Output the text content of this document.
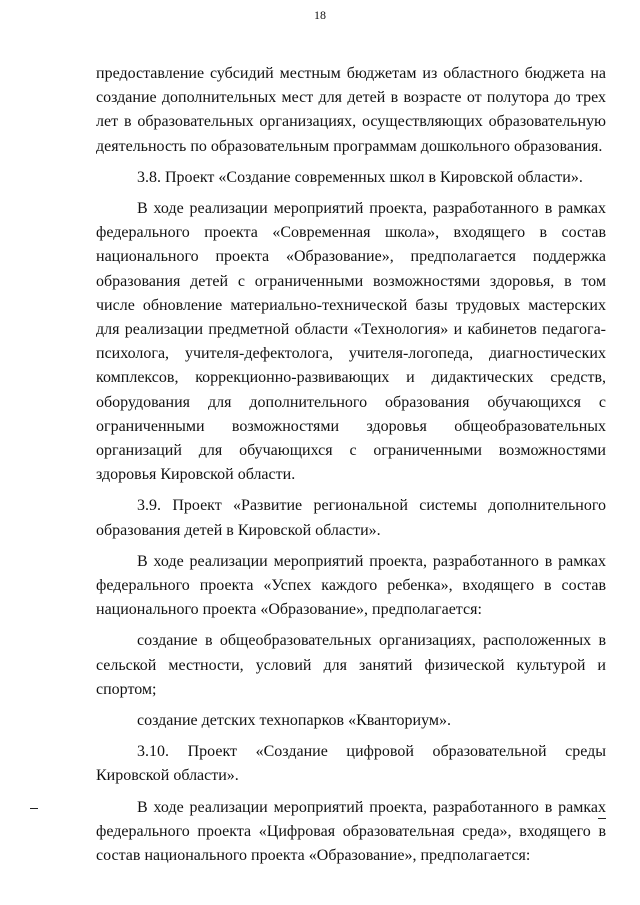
18

предоставление субсидий местным бюджетам из областного бюджета на создание дополнительных мест для детей в возрасте от полутора до трех лет в образовательных организациях, осуществляющих образовательную деятельность по образовательным программам дошкольного образования.

3.8. Проект «Создание современных школ в Кировской области».

В ходе реализации мероприятий проекта, разработанного в рамках федерального проекта «Современная школа», входящего в состав национального проекта «Образование», предполагается поддержка образования детей с ограниченными возможностями здоровья, в том числе обновление материально-технической базы трудовых мастерских для реализации предметной области «Технология» и кабинетов педагога-психолога, учителя-дефектолога, учителя-логопеда, диагностических комплексов, коррекционно-развивающих и дидактических средств, оборудования для дополнительного образования обучающихся с ограниченными возможностями здоровья общеобразовательных организаций для обучающихся с ограниченными возможностями здоровья Кировской области.

3.9. Проект «Развитие региональной системы дополнительного образования детей в Кировской области».

В ходе реализации мероприятий проекта, разработанного в рамках федерального проекта «Успех каждого ребенка», входящего в состав национального проекта «Образование», предполагается:

создание в общеобразовательных организациях, расположенных в сельской местности, условий для занятий физической культурой и спортом;

создание детских технопарков «Кванториум».

3.10. Проект «Создание цифровой образовательной среды Кировской области».

В ходе реализации мероприятий проекта, разработанного в рамках федерального проекта «Цифровая образовательная среда», входящего в состав национального проекта «Образование», предполагается:
